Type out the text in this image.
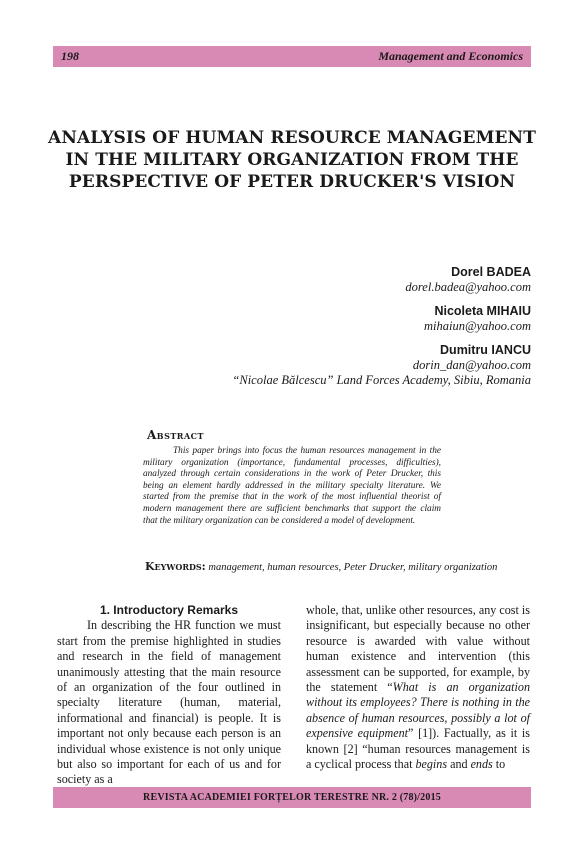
198	Management and Economics
ANALYSIS OF HUMAN RESOURCE MANAGEMENT IN THE MILITARY ORGANIZATION FROM THE PERSPECTIVE OF PETER DRUCKER'S VISION
Dorel BADEA
dorel.badea@yahoo.com
Nicoleta MIHAIU
mihaiun@yahoo.com
Dumitru IANCU
dorin_dan@yahoo.com
“Nicolae Bălcescu” Land Forces Academy, Sibiu, Romania
Abstract
This paper brings into focus the human resources management in the military organization (importance, fundamental processes, difficulties), analyzed through certain considerations in the work of Peter Drucker, this being an element hardly addressed in the military specialty literature. We started from the premise that in the work of the most influential theorist of modern management there are sufficient benchmarks that support the claim that the military organization can be considered a model of development.
Keywords: management, human resources, Peter Drucker, military organization
1. Introductory Remarks

In describing the HR function we must start from the premise highlighted in studies and research in the field of management unanimously attesting that the main resource of an organization of the four outlined in specialty literature (human, material, informational and financial) is people. It is important not only because each person is an individual whose existence is not only unique but also so important for each of us and for society as a

whole, that, unlike other resources, any cost is insignificant, but especially because no other resource is awarded with value without human existence and intervention (this assessment can be supported, for example, by the statement “What is an organization without its employees? There is nothing in the absence of human resources, possibly a lot of expensive equipment” [1]). Factually, as it is known [2] “human resources management is a cyclical process that begins and ends to

REVISTA ACADEMIEI FORȚELOR TERESTRE NR. 2 (78)/2015
